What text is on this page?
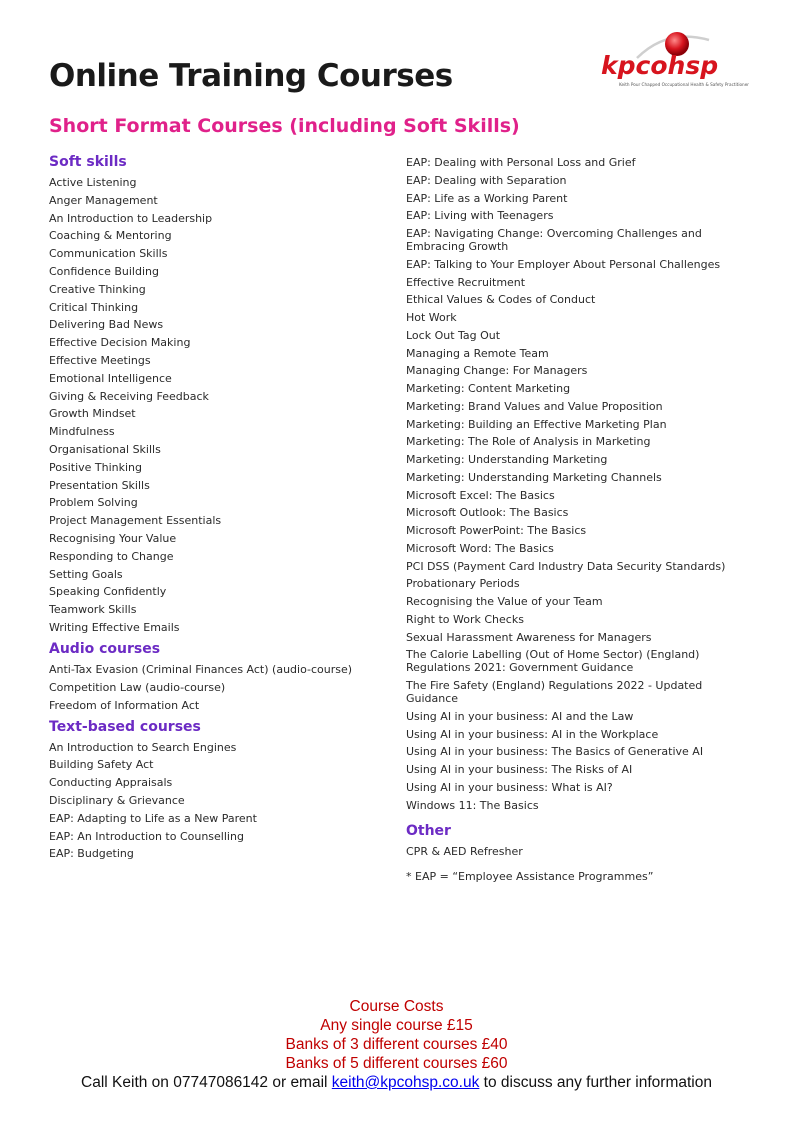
Online Training Courses
Short Format Courses (including Soft Skills)
kpcohsp
Keith Pour Chapped Occupational Health & Safety Practitioner
Soft skills
Active Listening
Anger Management
An Introduction to Leadership
Coaching & Mentoring
Communication Skills
Confidence Building
Creative Thinking
Critical Thinking
Delivering Bad News
Effective Decision Making
Effective Meetings
Emotional Intelligence
Giving & Receiving Feedback
Growth Mindset
Mindfulness
Organisational Skills
Positive Thinking
Presentation Skills
Problem Solving
Project Management Essentials
Recognising Your Value
Responding to Change
Setting Goals
Speaking Confidently
Teamwork Skills
Writing Effective Emails
Audio courses
Anti-Tax Evasion (Criminal Finances Act) (audio-course)
Competition Law (audio-course)
Freedom of Information Act
Text-based courses
An Introduction to Search Engines
Building Safety Act
Conducting Appraisals
Disciplinary & Grievance
EAP: Adapting to Life as a New Parent
EAP: An Introduction to Counselling
EAP: Budgeting
EAP: Dealing with Personal Loss and Grief
EAP: Dealing with Separation
EAP: Life as a Working Parent
EAP: Living with Teenagers
EAP: Navigating Change: Overcoming Challenges and Embracing Growth
EAP: Talking to Your Employer About Personal Challenges
Effective Recruitment
Ethical Values & Codes of Conduct
Hot Work
Lock Out Tag Out
Managing a Remote Team
Managing Change: For Managers
Marketing: Content Marketing
Marketing: Brand Values and Value Proposition
Marketing: Building an Effective Marketing Plan
Marketing: The Role of Analysis in Marketing
Marketing: Understanding Marketing
Marketing: Understanding Marketing Channels
Microsoft Excel: The Basics
Microsoft Outlook: The Basics
Microsoft PowerPoint: The Basics
Microsoft Word: The Basics
PCI DSS (Payment Card Industry Data Security Standards)
Probationary Periods
Recognising the Value of your Team
Right to Work Checks
Sexual Harassment Awareness for Managers
The Calorie Labelling (Out of Home Sector) (England) Regulations 2021: Government Guidance
The Fire Safety (England) Regulations 2022 - Updated Guidance
Using AI in your business: AI and the Law
Using AI in your business: AI in the Workplace
Using AI in your business: The Basics of Generative AI
Using AI in your business: The Risks of AI
Using AI in your business: What is AI?
Windows 11: The Basics
Other
CPR & AED Refresher
* EAP = “Employee Assistance Programmes”
Course Costs
Any single course £15
Banks of 3 different courses £40
Banks of 5 different courses £60
Call Keith on 07747086142 or email keith@kpcohsp.co.uk to discuss any further information
